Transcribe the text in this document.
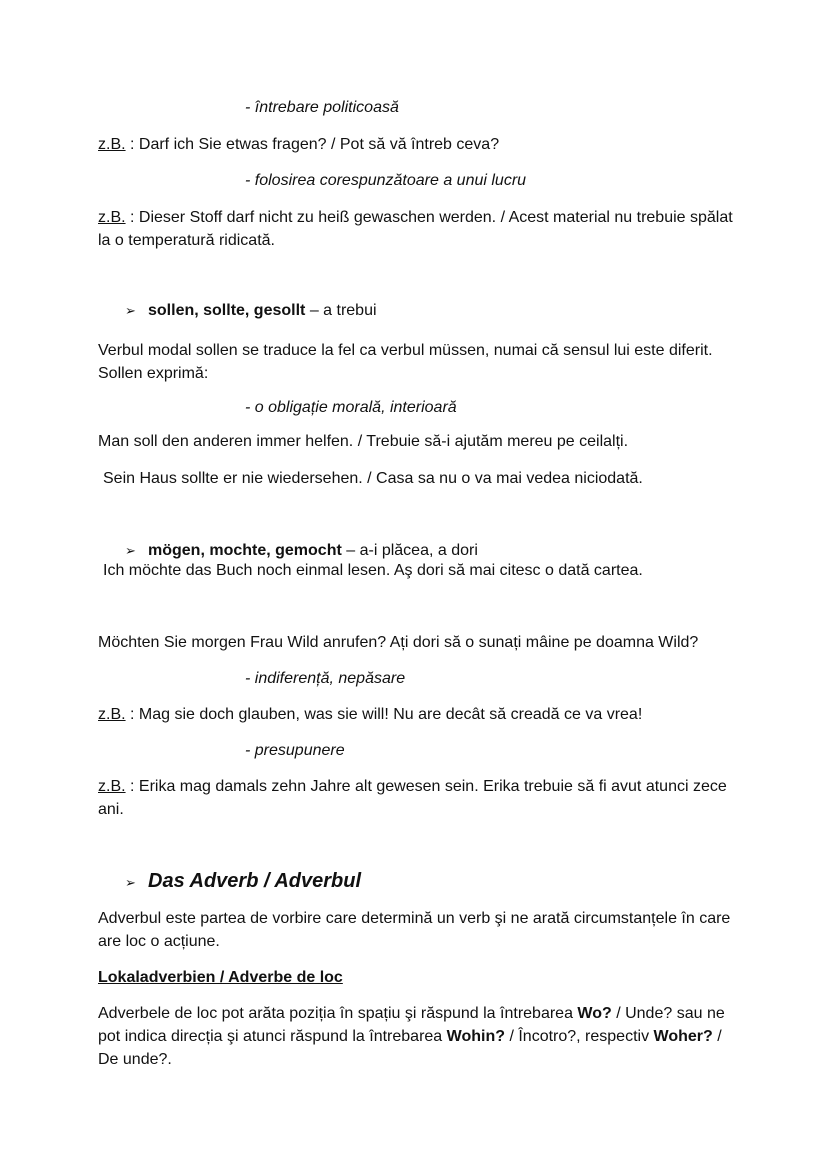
- întrebare politicoasă
z.B. : Darf ich Sie etwas fragen? / Pot să vă întreb ceva?
- folosirea corespunzătoare a unui lucru
z.B. : Dieser Stoff darf nicht zu heiß gewaschen werden. / Acest material nu trebuie spălat la o temperatură ridicată.
➢ sollen, sollte, gesollt – a trebui
Verbul modal sollen se traduce la fel ca verbul müssen, numai că sensul lui este diferit. Sollen exprimă:
- o obligație morală, interioară
Man soll den anderen immer helfen. / Trebuie să-i ajutăm mereu pe ceilalți.
Sein Haus sollte er nie wiedersehen. / Casa sa nu o va mai vedea niciodată.
➢ mögen, mochte, gemocht – a-i plăcea, a dori
Ich möchte das Buch noch einmal lesen. Aş dori să mai citesc o dată cartea.
Möchten Sie morgen Frau Wild anrufen? Ați dori să o sunați mâine pe doamna Wild?
- indiferență, nepăsare
z.B. : Mag sie doch glauben, was sie will! Nu are decât să creadă ce va vrea!
- presupunere
z.B. : Erika mag damals zehn Jahre alt gewesen sein. Erika trebuie să fi avut atunci zece ani.
➢ Das Adverb / Adverbul
Adverbul este partea de vorbire care determină un verb şi ne arată circumstanțele în care are loc o acțiune.
Lokaladverbien / Adverbe de loc
Adverbele de loc pot arăta poziția în spațiu şi răspund la întrebarea Wo? / Unde? sau ne pot indica direcția şi atunci răspund la întrebarea Wohin? / Încotro?, respectiv Woher? / De unde?.
